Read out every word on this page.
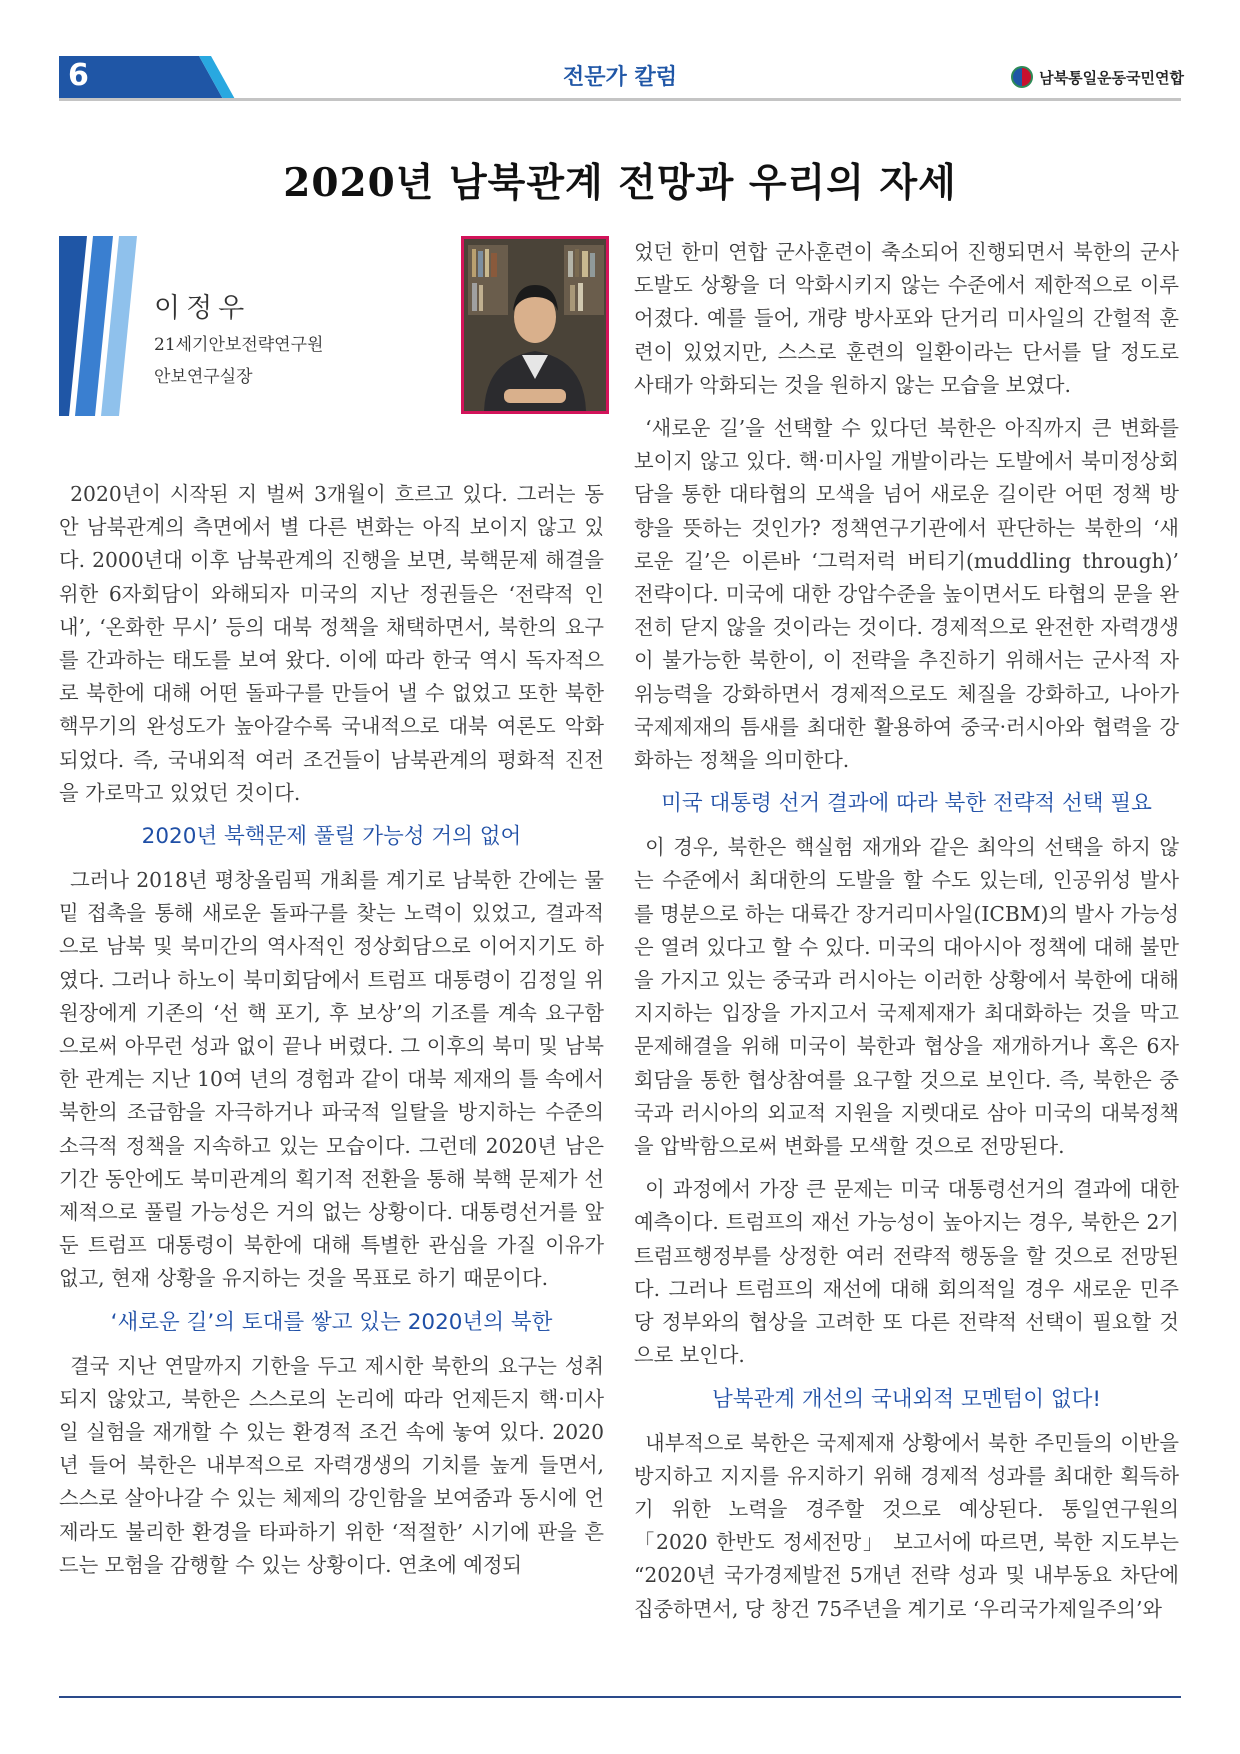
6	전문가 칼럼	남북통일운동국민연합
2020년 남북관계 전망과 우리의 자세
이정우
21세기안보전략연구원
안보연구실장

2020년이 시작된 지 벌써 3개월이 흐르고 있다. 그러는 동안 남북관계의 측면에서 별 다른 변화는 아직 보이지 않고 있다. 2000년대 이후 남북관계의 진행을 보면, 북핵문제 해결을 위한 6자회담이 와해되자 미국의 지난 정권들은 ‘전략적 인내’, ‘온화한 무시’ 등의 대북 정책을 채택하면서, 북한의 요구를 간과하는 태도를 보여 왔다. 이에 따라 한국 역시 독자적으로 북한에 대해 어떤 돌파구를 만들어 낼 수 없었고 또한 북한 핵무기의 완성도가 높아갈수록 국내적으로 대북 여론도 악화되었다. 즉, 국내외적 여러 조건들이 남북관계의 평화적 진전을 가로막고 있었던 것이다.

2020년 북핵문제 풀릴 가능성 거의 없어

그러나 2018년 평창올림픽 개최를 계기로 남북한 간에는 물밑 접촉을 통해 새로운 돌파구를 찾는 노력이 있었고, 결과적으로 남북 및 북미간의 역사적인 정상회담으로 이어지기도 하였다. 그러나 하노이 북미회담에서 트럼프 대통령이 김정일 위원장에게 기존의 ‘선 핵 포기, 후 보상’의 기조를 계속 요구함으로써 아무런 성과 없이 끝나 버렸다. 그 이후의 북미 및 남북한 관계는 지난 10여 년의 경험과 같이 대북 제재의 틀 속에서 북한의 조급함을 자극하거나 파국적 일탈을 방지하는 수준의 소극적 정책을 지속하고 있는 모습이다. 그런데 2020년 남은 기간 동안에도 북미관계의 획기적 전환을 통해 북핵 문제가 선제적으로 풀릴 가능성은 거의 없는 상황이다. 대통령선거를 앞둔 트럼프 대통령이 북한에 대해 특별한 관심을 가질 이유가 없고, 현재 상황을 유지하는 것을 목표로 하기 때문이다.

‘새로운 길’의 토대를 쌓고 있는 2020년의 북한

결국 지난 연말까지 기한을 두고 제시한 북한의 요구는 성취되지 않았고, 북한은 스스로의 논리에 따라 언제든지 핵·미사일 실험을 재개할 수 있는 환경적 조건 속에 놓여 있다. 2020년 들어 북한은 내부적으로 자력갱생의 기치를 높게 들면서, 스스로 살아나갈 수 있는 체제의 강인함을 보여줌과 동시에 언제라도 불리한 환경을 타파하기 위한 ‘적절한’ 시기에 판을 흔드는 모험을 감행할 수 있는 상황이다. 연초에 예정되

었던 한미 연합 군사훈련이 축소되어 진행되면서 북한의 군사도발도 상황을 더 악화시키지 않는 수준에서 제한적으로 이루어졌다. 예를 들어, 개량 방사포와 단거리 미사일의 간헐적 훈련이 있었지만, 스스로 훈련의 일환이라는 단서를 달 정도로 사태가 악화되는 것을 원하지 않는 모습을 보였다.

‘새로운 길’을 선택할 수 있다던 북한은 아직까지 큰 변화를 보이지 않고 있다. 핵·미사일 개발이라는 도발에서 북미정상회담을 통한 대타협의 모색을 넘어 새로운 길이란 어떤 정책 방향을 뜻하는 것인가? 정책연구기관에서 판단하는 북한의 ‘새로운 길’은 이른바 ‘그럭저럭 버티기(muddling through)’ 전략이다. 미국에 대한 강압수준을 높이면서도 타협의 문을 완전히 닫지 않을 것이라는 것이다. 경제적으로 완전한 자력갱생이 불가능한 북한이, 이 전략을 추진하기 위해서는 군사적 자위능력을 강화하면서 경제적으로도 체질을 강화하고, 나아가 국제제재의 틈새를 최대한 활용하여 중국·러시아와 협력을 강화하는 정책을 의미한다.

미국 대통령 선거 결과에 따라 북한 전략적 선택 필요

이 경우, 북한은 핵실험 재개와 같은 최악의 선택을 하지 않는 수준에서 최대한의 도발을 할 수도 있는데, 인공위성 발사를 명분으로 하는 대륙간 장거리미사일(ICBM)의 발사 가능성은 열려 있다고 할 수 있다. 미국의 대아시아 정책에 대해 불만을 가지고 있는 중국과 러시아는 이러한 상황에서 북한에 대해 지지하는 입장을 가지고서 국제제재가 최대화하는 것을 막고 문제해결을 위해 미국이 북한과 협상을 재개하거나 혹은 6자회담을 통한 협상참여를 요구할 것으로 보인다. 즉, 북한은 중국과 러시아의 외교적 지원을 지렛대로 삼아 미국의 대북정책을 압박함으로써 변화를 모색할 것으로 전망된다.

이 과정에서 가장 큰 문제는 미국 대통령선거의 결과에 대한 예측이다. 트럼프의 재선 가능성이 높아지는 경우, 북한은 2기 트럼프행정부를 상정한 여러 전략적 행동을 할 것으로 전망된다. 그러나 트럼프의 재선에 대해 회의적일 경우 새로운 민주당 정부와의 협상을 고려한 또 다른 전략적 선택이 필요할 것으로 보인다.

남북관계 개선의 국내외적 모멘텀이 없다!

내부적으로 북한은 국제제재 상황에서 북한 주민들의 이반을 방지하고 지지를 유지하기 위해 경제적 성과를 최대한 획득하기 위한 노력을 경주할 것으로 예상된다. 통일연구원의 「2020 한반도 정세전망」 보고서에 따르면, 북한 지도부는 “2020년 국가경제발전 5개년 전략 성과 및 내부동요 차단에 집중하면서, 당 창건 75주년을 계기로 ‘우리국가제일주의’와
